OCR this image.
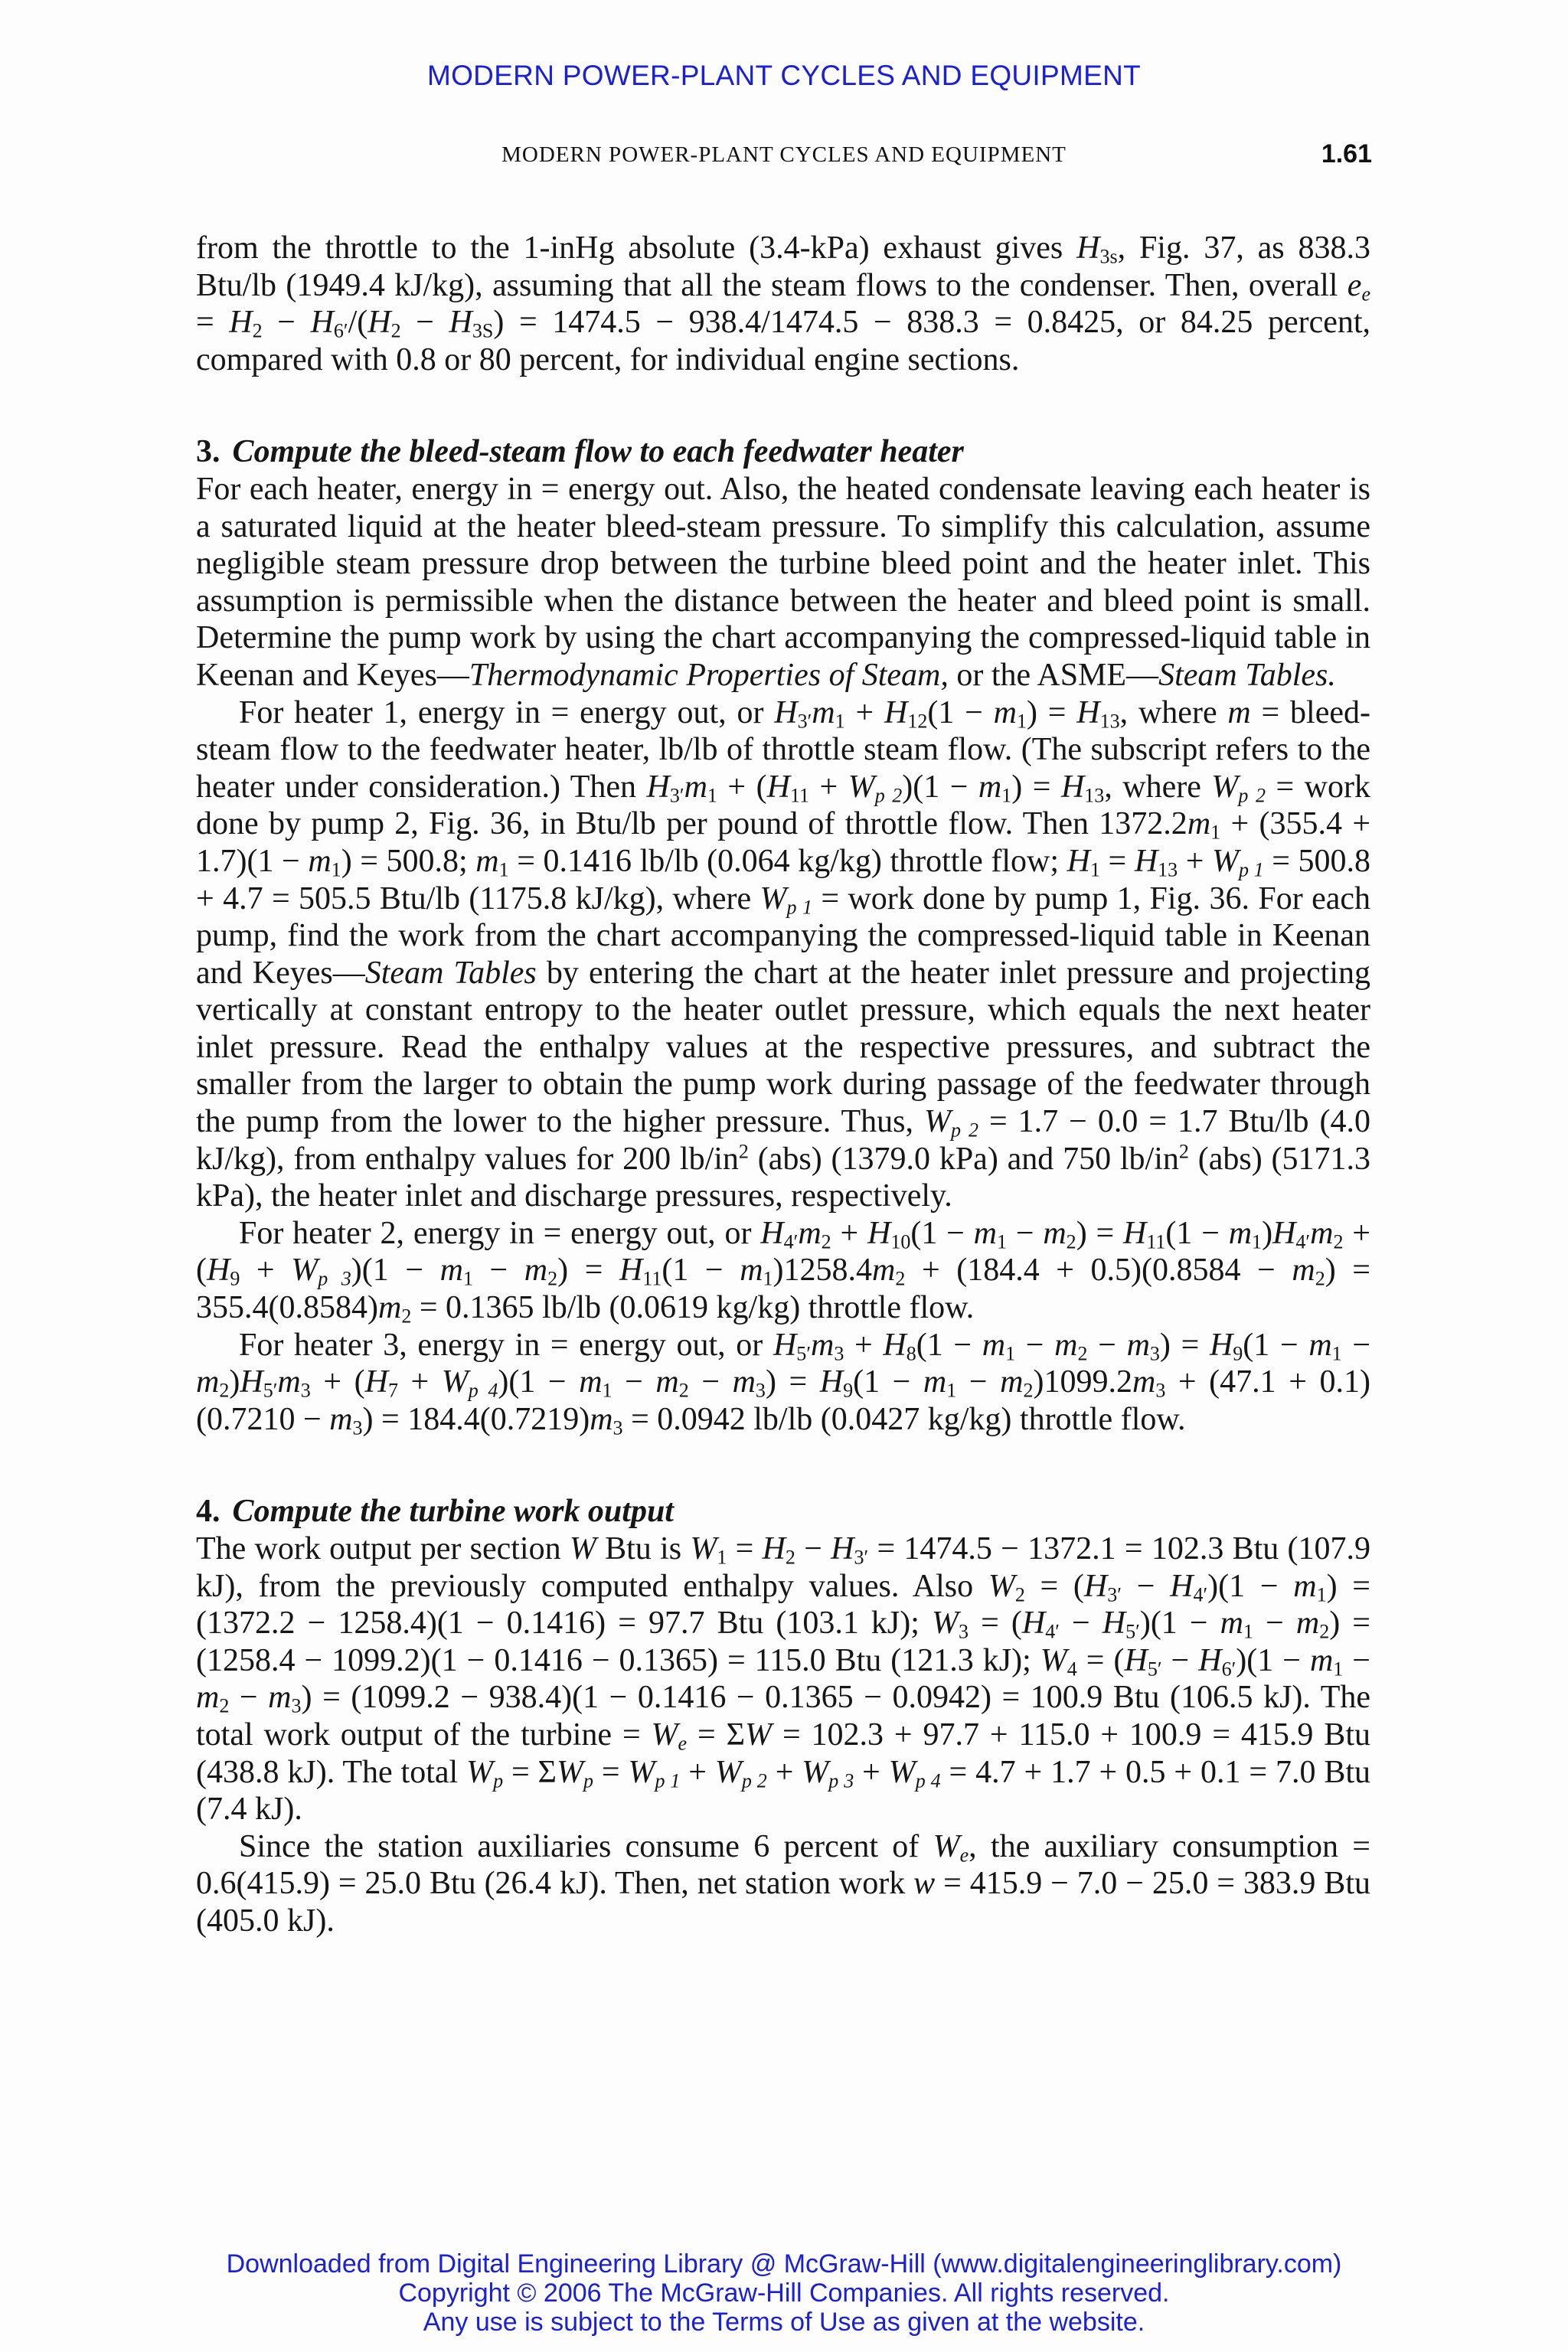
MODERN POWER-PLANT CYCLES AND EQUIPMENT
MODERN POWER-PLANT CYCLES AND EQUIPMENT	1.61

from the throttle to the 1-inHg absolute (3.4-kPa) exhaust gives $H_{3s}$, Fig. 37, as 838.3 Btu/lb (1949.4 kJ/kg), assuming that all the steam flows to the condenser. Then, overall $e_e = H_2 - H_{6'}/(H_2 - H_{3S}) = 1474.5 - 938.4/1474.5 - 838.3 = 0.8425$, or 84.25 percent, compared with 0.8 or 80 percent, for individual engine sections.

3. Compute the bleed-steam flow to each feedwater heater

For each heater, energy in = energy out. Also, the heated condensate leaving each heater is a saturated liquid at the heater bleed-steam pressure. To simplify this calculation, assume negligible steam pressure drop between the turbine bleed point and the heater inlet. This assumption is permissible when the distance between the heater and bleed point is small. Determine the pump work by using the chart accompanying the compressed-liquid table in Keenan and Keyes—Thermodynamic Properties of Steam, or the ASME—Steam Tables.

For heater 1, energy in = energy out, or $H_{3'}m_1 + H_{12}(1 - m_1) = H_{13}$, where m = bleed-steam flow to the feedwater heater, lb/lb of throttle steam flow. (The subscript refers to the heater under consideration.) Then $H_{3'}m_1 + (H_{11} + W_{p 2})(1 - m_1) = H_{13}$, where $W_{p 2}$ = work done by pump 2, Fig. 36, in Btu/lb per pound of throttle flow. Then $1372.2m_1 + (355.4 + 1.7)(1 - m_1) = 500.8$; $m_1 = 0.1416$ lb/lb (0.064 kg/kg) throttle flow; $H_1 = H_{13} + W_{p 1} = 500.8 + 4.7 = 505.5$ Btu/lb (1175.8 kJ/kg), where $W_{p 1}$ = work done by pump 1, Fig. 36. For each pump, find the work from the chart accompanying the compressed-liquid table in Keenan and Keyes—Steam Tables by entering the chart at the heater inlet pressure and projecting vertically at constant entropy to the heater outlet pressure, which equals the next heater inlet pressure. Read the enthalpy values at the respective pressures, and subtract the smaller from the larger to obtain the pump work during passage of the feedwater through the pump from the lower to the higher pressure. Thus, $W_{p 2} = 1.7 - 0.0 = 1.7$ Btu/lb (4.0 kJ/kg), from enthalpy values for 200 $lb/in^2$ (abs) (1379.0 kPa) and 750 $lb/in^2$ (abs) (5171.3 kPa), the heater inlet and discharge pressures, respectively.

For heater 2, energy in = energy out, or $H_{4'}m_2 + H_{10}(1 - m_1 - m_2) = H_{11}(1 - m_1)H_{4'}m_2 + (H_9 + W_{p 3})(1 - m_1 - m_2) = H_{11}(1 - m_1)1258.4m_2 + (184.4 + 0.5)(0.8584 - m_2) = 355.4(0.8584)m_2 = 0.1365$ lb/lb (0.0619 kg/kg) throttle flow.

For heater 3, energy in = energy out, or $H_{5'}m_3 + H_8(1 - m_1 - m_2 - m_3) = H_9(1 - m_1 - m_2)H_{5'}m_3 + (H_7 + W_{p 4})(1 - m_1 - m_2 - m_3) = H_9(1 - m_1 - m_2)1099.2m_3 + (47.1 + 0.1)(0.7210 - m_3) = 184.4(0.7219)m_3 = 0.0942$ lb/lb (0.0427 kg/kg) throttle flow.

4. Compute the turbine work output

The work output per section W Btu is $W_1 = H_2 - H_{3'} = 1474.5 - 1372.1 = 102.3$ Btu (107.9 kJ), from the previously computed enthalpy values. Also $W_2 = (H_{3'} - H_{4'})(1 - m_1) = (1372.2 - 1258.4)(1 - 0.1416) = 97.7$ Btu (103.1 kJ); $W_3 = (H_{4'} - H_{5'})(1 - m_1 - m_2) = (1258.4 - 1099.2)(1 - 0.1416 - 0.1365) = 115.0$ Btu (121.3 kJ); $W_4 = (H_{5'} - H_{6'})(1 - m_1 - m_2 - m_3) = (1099.2 - 938.4)(1 - 0.1416 - 0.1365 - 0.0942) = 100.9$ Btu (106.5 kJ). The total work output of the turbine = $W_e = \Sigma W = 102.3 + 97.7 + 115.0 + 100.9 = 415.9$ Btu (438.8 kJ). The total $W_p = \Sigma W_p = W_{p 1} + W_{p 2} + W_{p 3} + W_{p 4} = 4.7 + 1.7 + 0.5 + 0.1 = 7.0$ Btu (7.4 kJ).

Since the station auxiliaries consume 6 percent of $W_e$, the auxiliary consumption = 0.6(415.9) = 25.0 Btu (26.4 kJ). Then, net station work w = 415.9 − 7.0 − 25.0 = 383.9 Btu (405.0 kJ).

Downloaded from Digital Engineering Library @ McGraw-Hill (www.digitalengineeringlibrary.com)
Copyright © 2006 The McGraw-Hill Companies. All rights reserved.
Any use is subject to the Terms of Use as given at the website.
